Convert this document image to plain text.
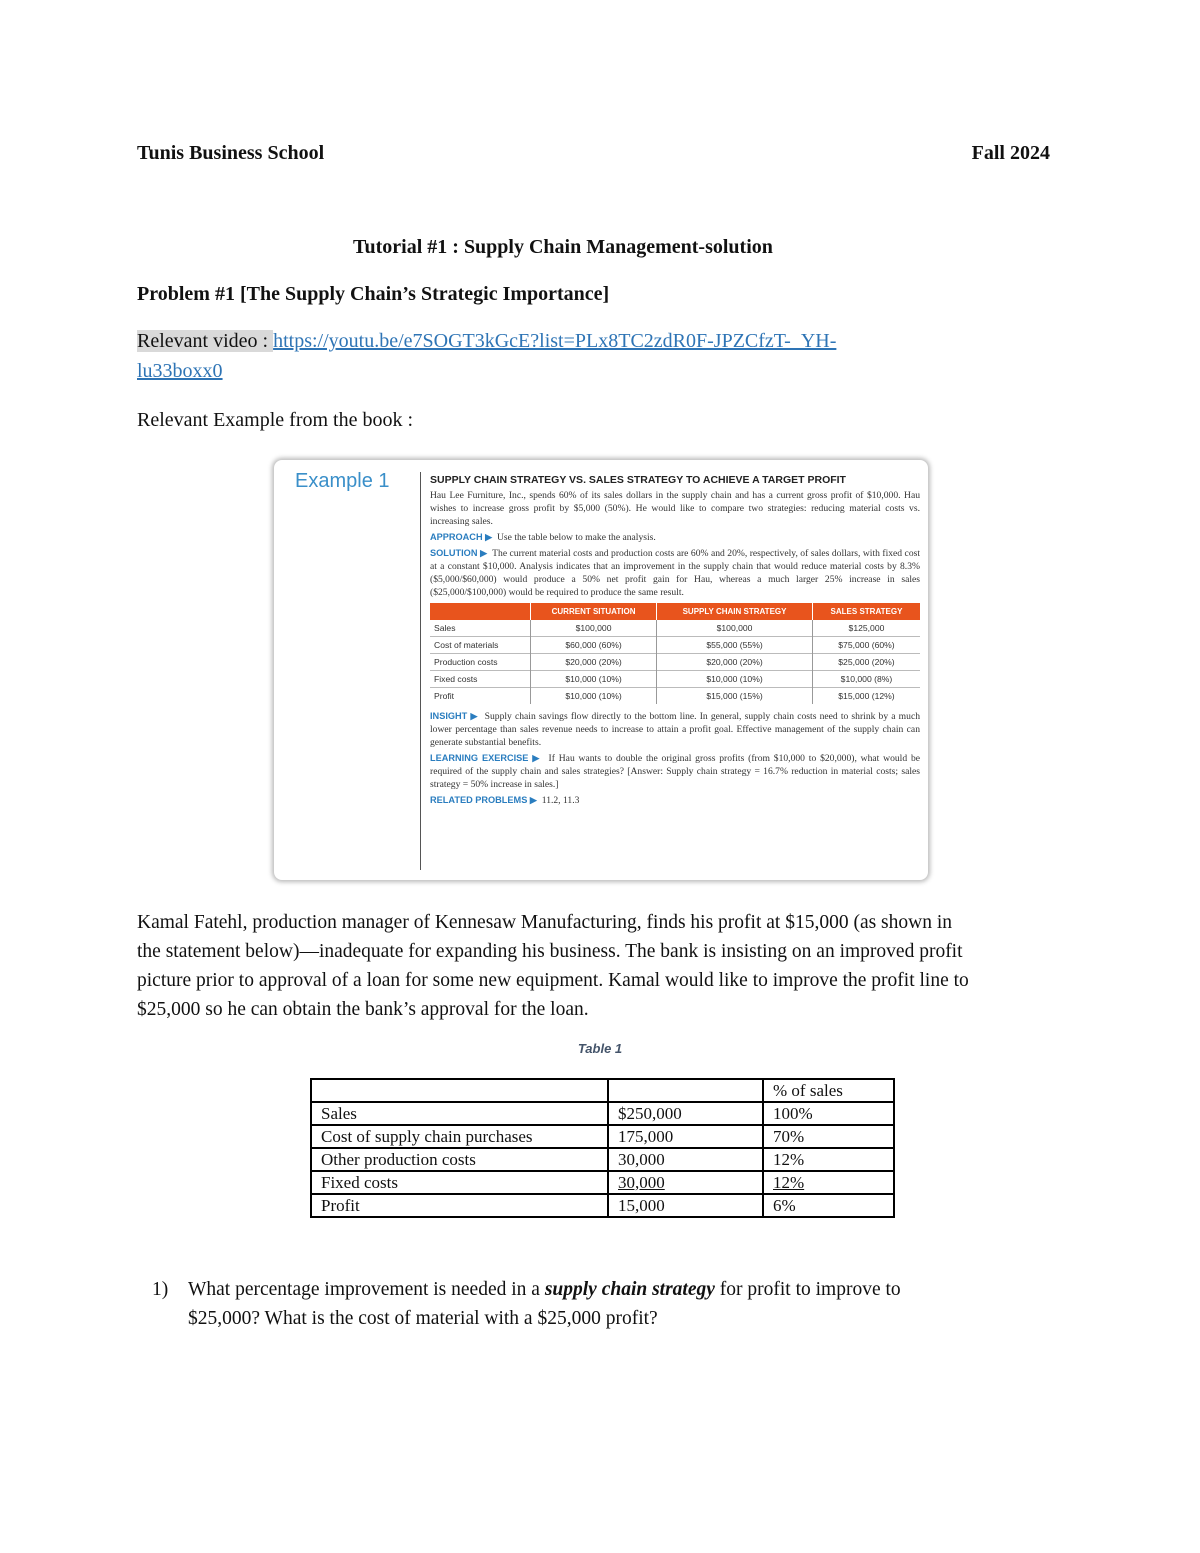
Tunis Business School	Fall 2024
Tutorial #1 : Supply Chain Management-solution
Problem #1 [The Supply Chain’s Strategic Importance]
Relevant video : https://youtu.be/e7SOGT3kGcE?list=PLx8TC2zdR0F-JPZCfzT-_YH-
lu33boxx0
Relevant Example from the book :
Example 1	SUPPLY CHAIN STRATEGY VS. SALES STRATEGY TO ACHIEVE A TARGET PROFIT

Hau Lee Furniture, Inc., spends 60% of its sales dollars in the supply chain and has a current gross profit of $10,000. Hau wishes to increase gross profit by $5,000 (50%). He would like to compare two strategies: reducing material costs vs. increasing sales.

APPROACH ▶ Use the table below to make the analysis.

SOLUTION ▶ The current material costs and production costs are 60% and 20%, respectively, of sales dollars, with fixed cost at a constant $10,000. Analysis indicates that an improvement in the supply chain that would reduce material costs by 8.3% ($5,000/$60,000) would produce a 50% net profit gain for Hau, whereas a much larger 25% increase in sales ($25,000/$100,000) would be required to produce the same result.

	CURRENT SITUATION	SUPPLY CHAIN STRATEGY	SALES STRATEGY
Sales	$100,000	$100,000	$125,000
Cost of materials	$60,000 (60%)	$55,000 (55%)	$75,000 (60%)
Production costs	$20,000 (20%)	$20,000 (20%)	$25,000 (20%)
Fixed costs	$10,000 (10%)	$10,000 (10%)	$10,000 (8%)
Profit	$10,000 (10%)	$15,000 (15%)	$15,000 (12%)

INSIGHT ▶ Supply chain savings flow directly to the bottom line. In general, supply chain costs need to shrink by a much lower percentage than sales revenue needs to increase to attain a profit goal. Effective management of the supply chain can generate substantial benefits.

LEARNING EXERCISE ▶ If Hau wants to double the original gross profits (from $10,000 to $20,000), what would be required of the supply chain and sales strategies? [Answer: Supply chain strategy = 16.7% reduction in material costs; sales strategy = 50% increase in sales.]

RELATED PROBLEMS ▶ 11.2, 11.3

Kamal Fatehl, production manager of Kennesaw Manufacturing, finds his profit at $15,000 (as shown in
the statement below)—inadequate for expanding his business. The bank is insisting on an improved profit
picture prior to approval of a loan for some new equipment. Kamal would like to improve the profit line to
$25,000 so he can obtain the bank’s approval for the loan.
Table 1
		% of sales
Sales	$250,000	100%
Cost of supply chain purchases	175,000	70%
Other production costs	30,000	12%
Fixed costs	30,000	12%
Profit	15,000	6%
1) What percentage improvement is needed in a supply chain strategy for profit to improve to
$25,000? What is the cost of material with a $25,000 profit?
